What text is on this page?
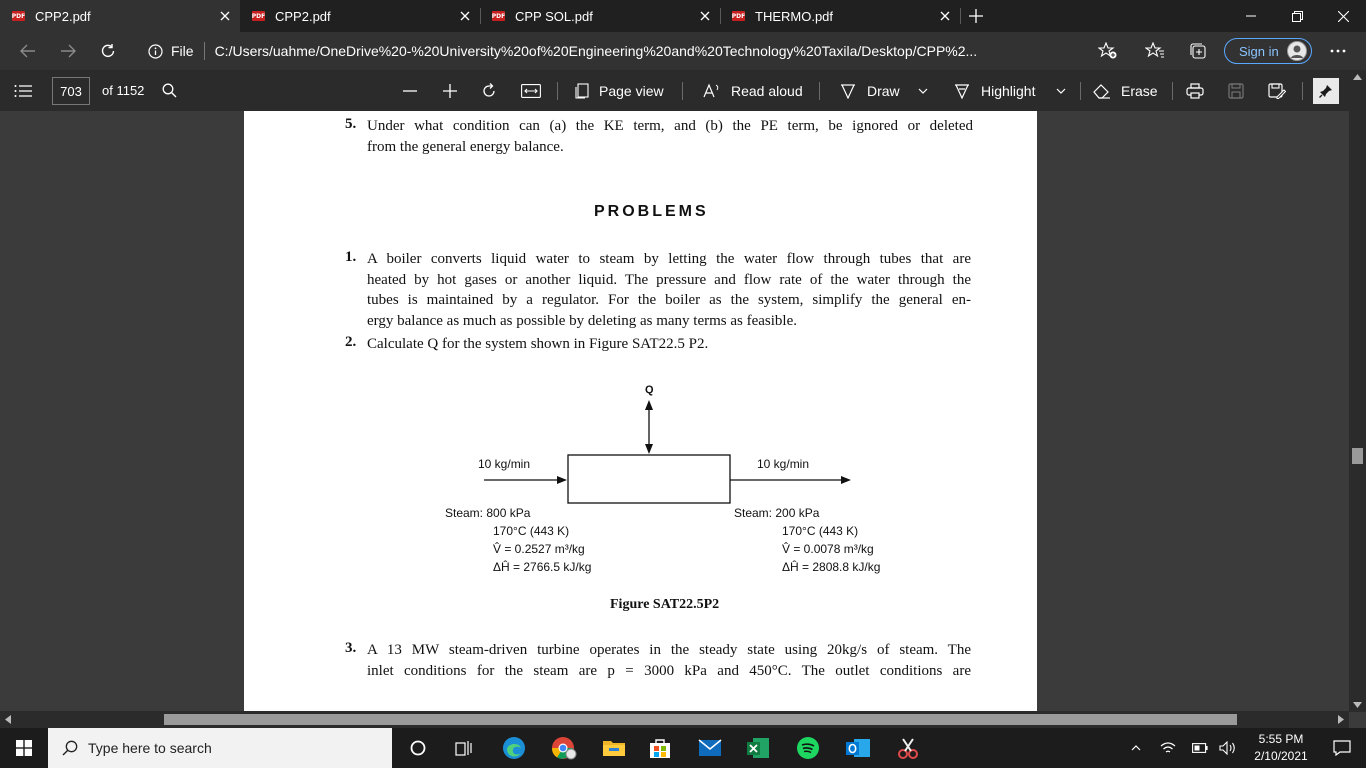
PDF CPP2.pdf	PDF CPP2.pdf	PDF CPP SOL.pdf	PDF THERMO.pdf
File C:/Users/uahme/OneDrive%20-%20University%20of%20Engineering%20and%20Technology%20Taxila/Desktop/CPP%2...	Sign in
703	of 1152	Page view	Read aloud	Draw	Highlight	Erase
5. Under what condition can (a) the KE term, and (b) the PE term, be ignored or deleted
from the general energy balance.
PROBLEMS
1. A boiler converts liquid water to steam by letting the water flow through tubes that are
heated by hot gases or another liquid. The pressure and flow rate of the water through the
tubes is maintained by a regulator. For the boiler as the system, simplify the general en-
ergy balance as much as possible by deleting as many terms as feasible.
2. Calculate Q for the system shown in Figure SAT22.5 P2.
Q
10 kg/min	10 kg/min
Steam: 800 kPa
170°C (443 K)
V̂ = 0.2527 m³/kg
ΔĤ = 2766.5 kJ/kg
Steam: 200 kPa
170°C (443 K)
V̂ = 0.0078 m³/kg
ΔĤ = 2808.8 kJ/kg
Figure SAT22.5P2
3. A 13 MW steam-driven turbine operates in the steady state using 20kg/s of steam. The
inlet conditions for the steam are p = 3000 kPa and 450°C. The outlet conditions are
Type here to search
5:55 PM
2/10/2021
